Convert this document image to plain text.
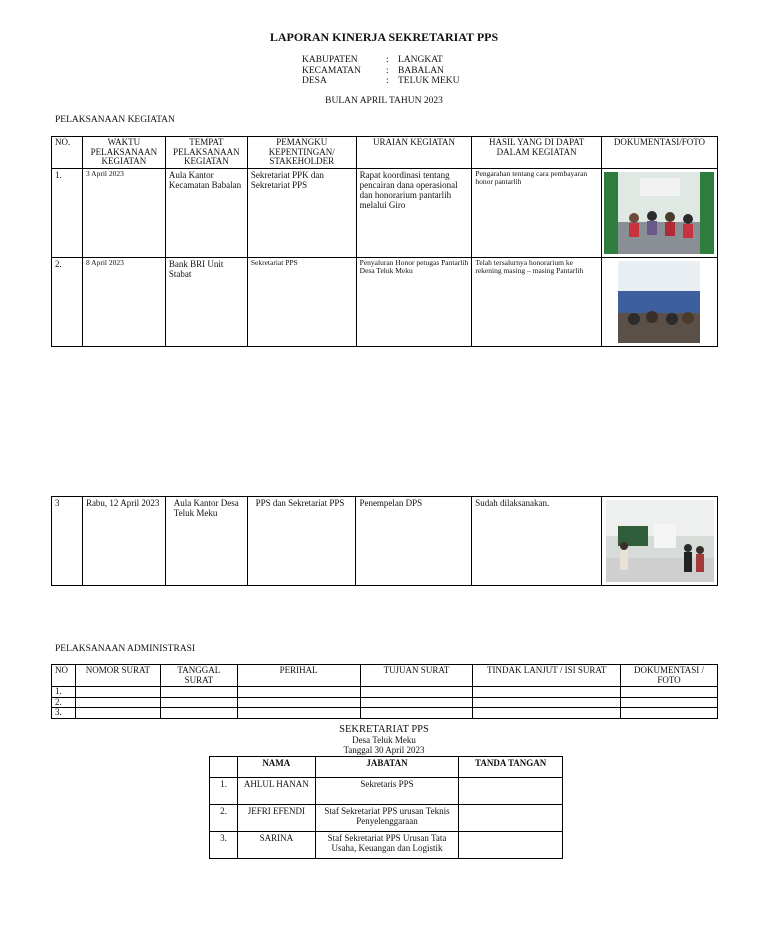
LAPORAN KINERJA SEKRETARIAT PPS
KABUPATEN	: LANGKAT
KECAMATAN	: BABALAN
DESA	: TELUK MEKU
BULAN APRIL TAHUN 2023
PELAKSANAAN KEGIATAN
NO.	WAKTU PELAKSANAAN KEGIATAN	TEMPAT PELAKSANAAN KEGIATAN	PEMANGKU KEPENTINGAN/ STAKEHOLDER	URAIAN KEGIATAN	HASIL YANG DI DAPAT DALAM KEGIATAN	DOKUMENTASI/FOTO
1.	3 April 2023	Aula Kantor Kecamatan Babalan	Sekretariat PPK dan Sekretariat PPS	Rapat koordinasi tentang pencairan dana operasional dan honorarium pantarlih melalui Giro	Pengarahan tentang cara pembayaran honor pantarlih	

2.	8 April 2023	Bank BRI Unit Stabat	Sekretariat PPS	Penyaluran Honor petugas Pantarlih Desa Teluk Meku	Telah tersalurnya honorarium ke rekening masing – masing Pantarlih	
3	Rabu, 12 April 2023	Aula Kantor Desa Teluk Meku	PPS dan Sekretariat PPS	Penempelan DPS	Sudah dilaksanakan.	
PELAKSANAAN ADMINISTRASI
NO	NOMOR SURAT	TANGGAL SURAT	PERIHAL	TUJUAN SURAT	TINDAK LANJUT / ISI SURAT	DOKUMENTASI / FOTO
1.						
2.						
3.						
SEKRETARIAT PPS
Desa Teluk Meku
Tanggal 30 April 2023
	NAMA	JABATAN	TANDA TANGAN
1.	AHLUL HANAN	Sekretaris PPS	
2.	JEFRI EFENDI	Staf Sekretariat PPS urusan Teknis Penyelenggaraan	
3.	SARINA	Staf Sekretariat PPS Urusan Tata Usaha, Keuangan dan Logistik	
